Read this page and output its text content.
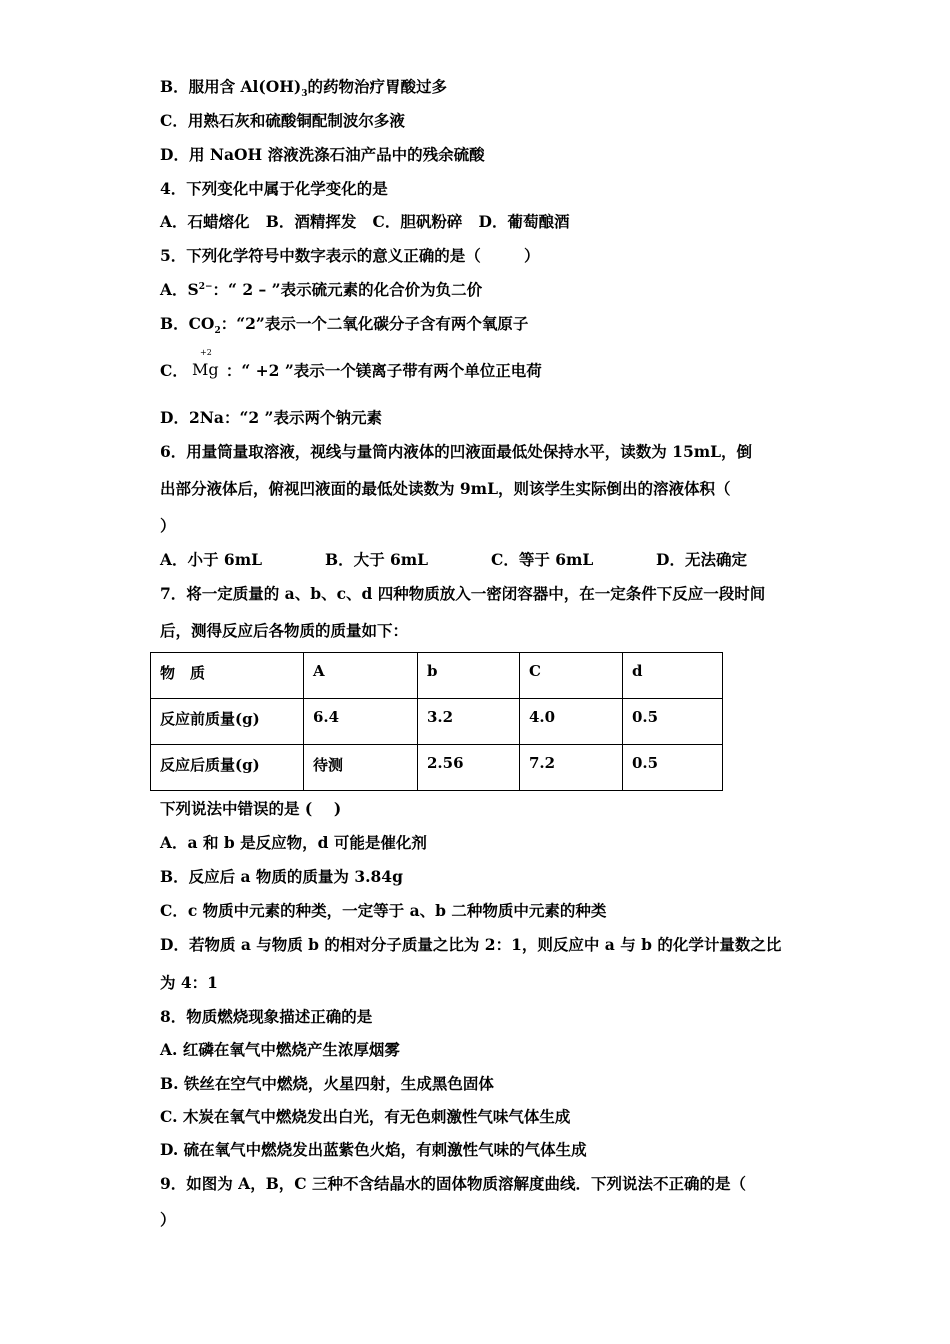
B．服用含 $Al(OH)_3$的药物治疗胃酸过多
C．用熟石灰和硫酸铜配制波尔多液
D．用 NaOH 溶液洗涤石油产品中的残余硫酸
4．下列变化中属于化学变化的是
A．石蜡熔化   B．酒精挥发   C．胆矾粉碎   D．葡萄酿酒
5．下列化学符号中数字表示的意义正确的是（        ）
A．$S^{2-}$：“ 2 – ”表示硫元素的化合价为负二价
B．$CO_2$：“2”表示一个二氧化碳分子含有两个氧原子
C． ：“ +2 ”表示一个镁离子带有两个单位正电荷
+2
Mg
D．2Na：“2 ”表示两个钠元素
6．用量筒量取溶液，视线与量筒内液体的凹液面最低处保持水平，读数为 15mL，倒
出部分液体后，俯视凹液面的最低处读数为 9mL，则该学生实际倒出的溶液体积（
）
A．小于 6mL	B．大于 6mL	C．等于 6mL	D．无法确定
7．将一定质量的 a、b、c、d 四种物质放入一密闭容器中，在一定条件下反应一段时间
后，测得反应后各物质的质量如下：
物　质	A	b	C	d
反应前质量(g)	6.4	3.2	4.0	0.5
反应后质量(g)	待测	2.56	7.2	0.5
下列说法中错误的是 (    )
A．a 和 b 是反应物，d 可能是催化剂
B．反应后 a 物质的质量为 3.84g
C．c 物质中元素的种类，一定等于 a、b 二种物质中元素的种类
D．若物质 a 与物质 b 的相对分子质量之比为 2：1，则反应中 a 与 b 的化学计量数之比
为 4：1
8．物质燃烧现象描述正确的是
A. 红磷在氧气中燃烧产生浓厚烟雾
B. 铁丝在空气中燃烧，火星四射，生成黑色固体
C. 木炭在氧气中燃烧发出白光，有无色刺激性气味气体生成
D. 硫在氧气中燃烧发出蓝紫色火焰，有刺激性气味的气体生成
9．如图为 A，B，C 三种不含结晶水的固体物质溶解度曲线．下列说法不正确的是（
）
